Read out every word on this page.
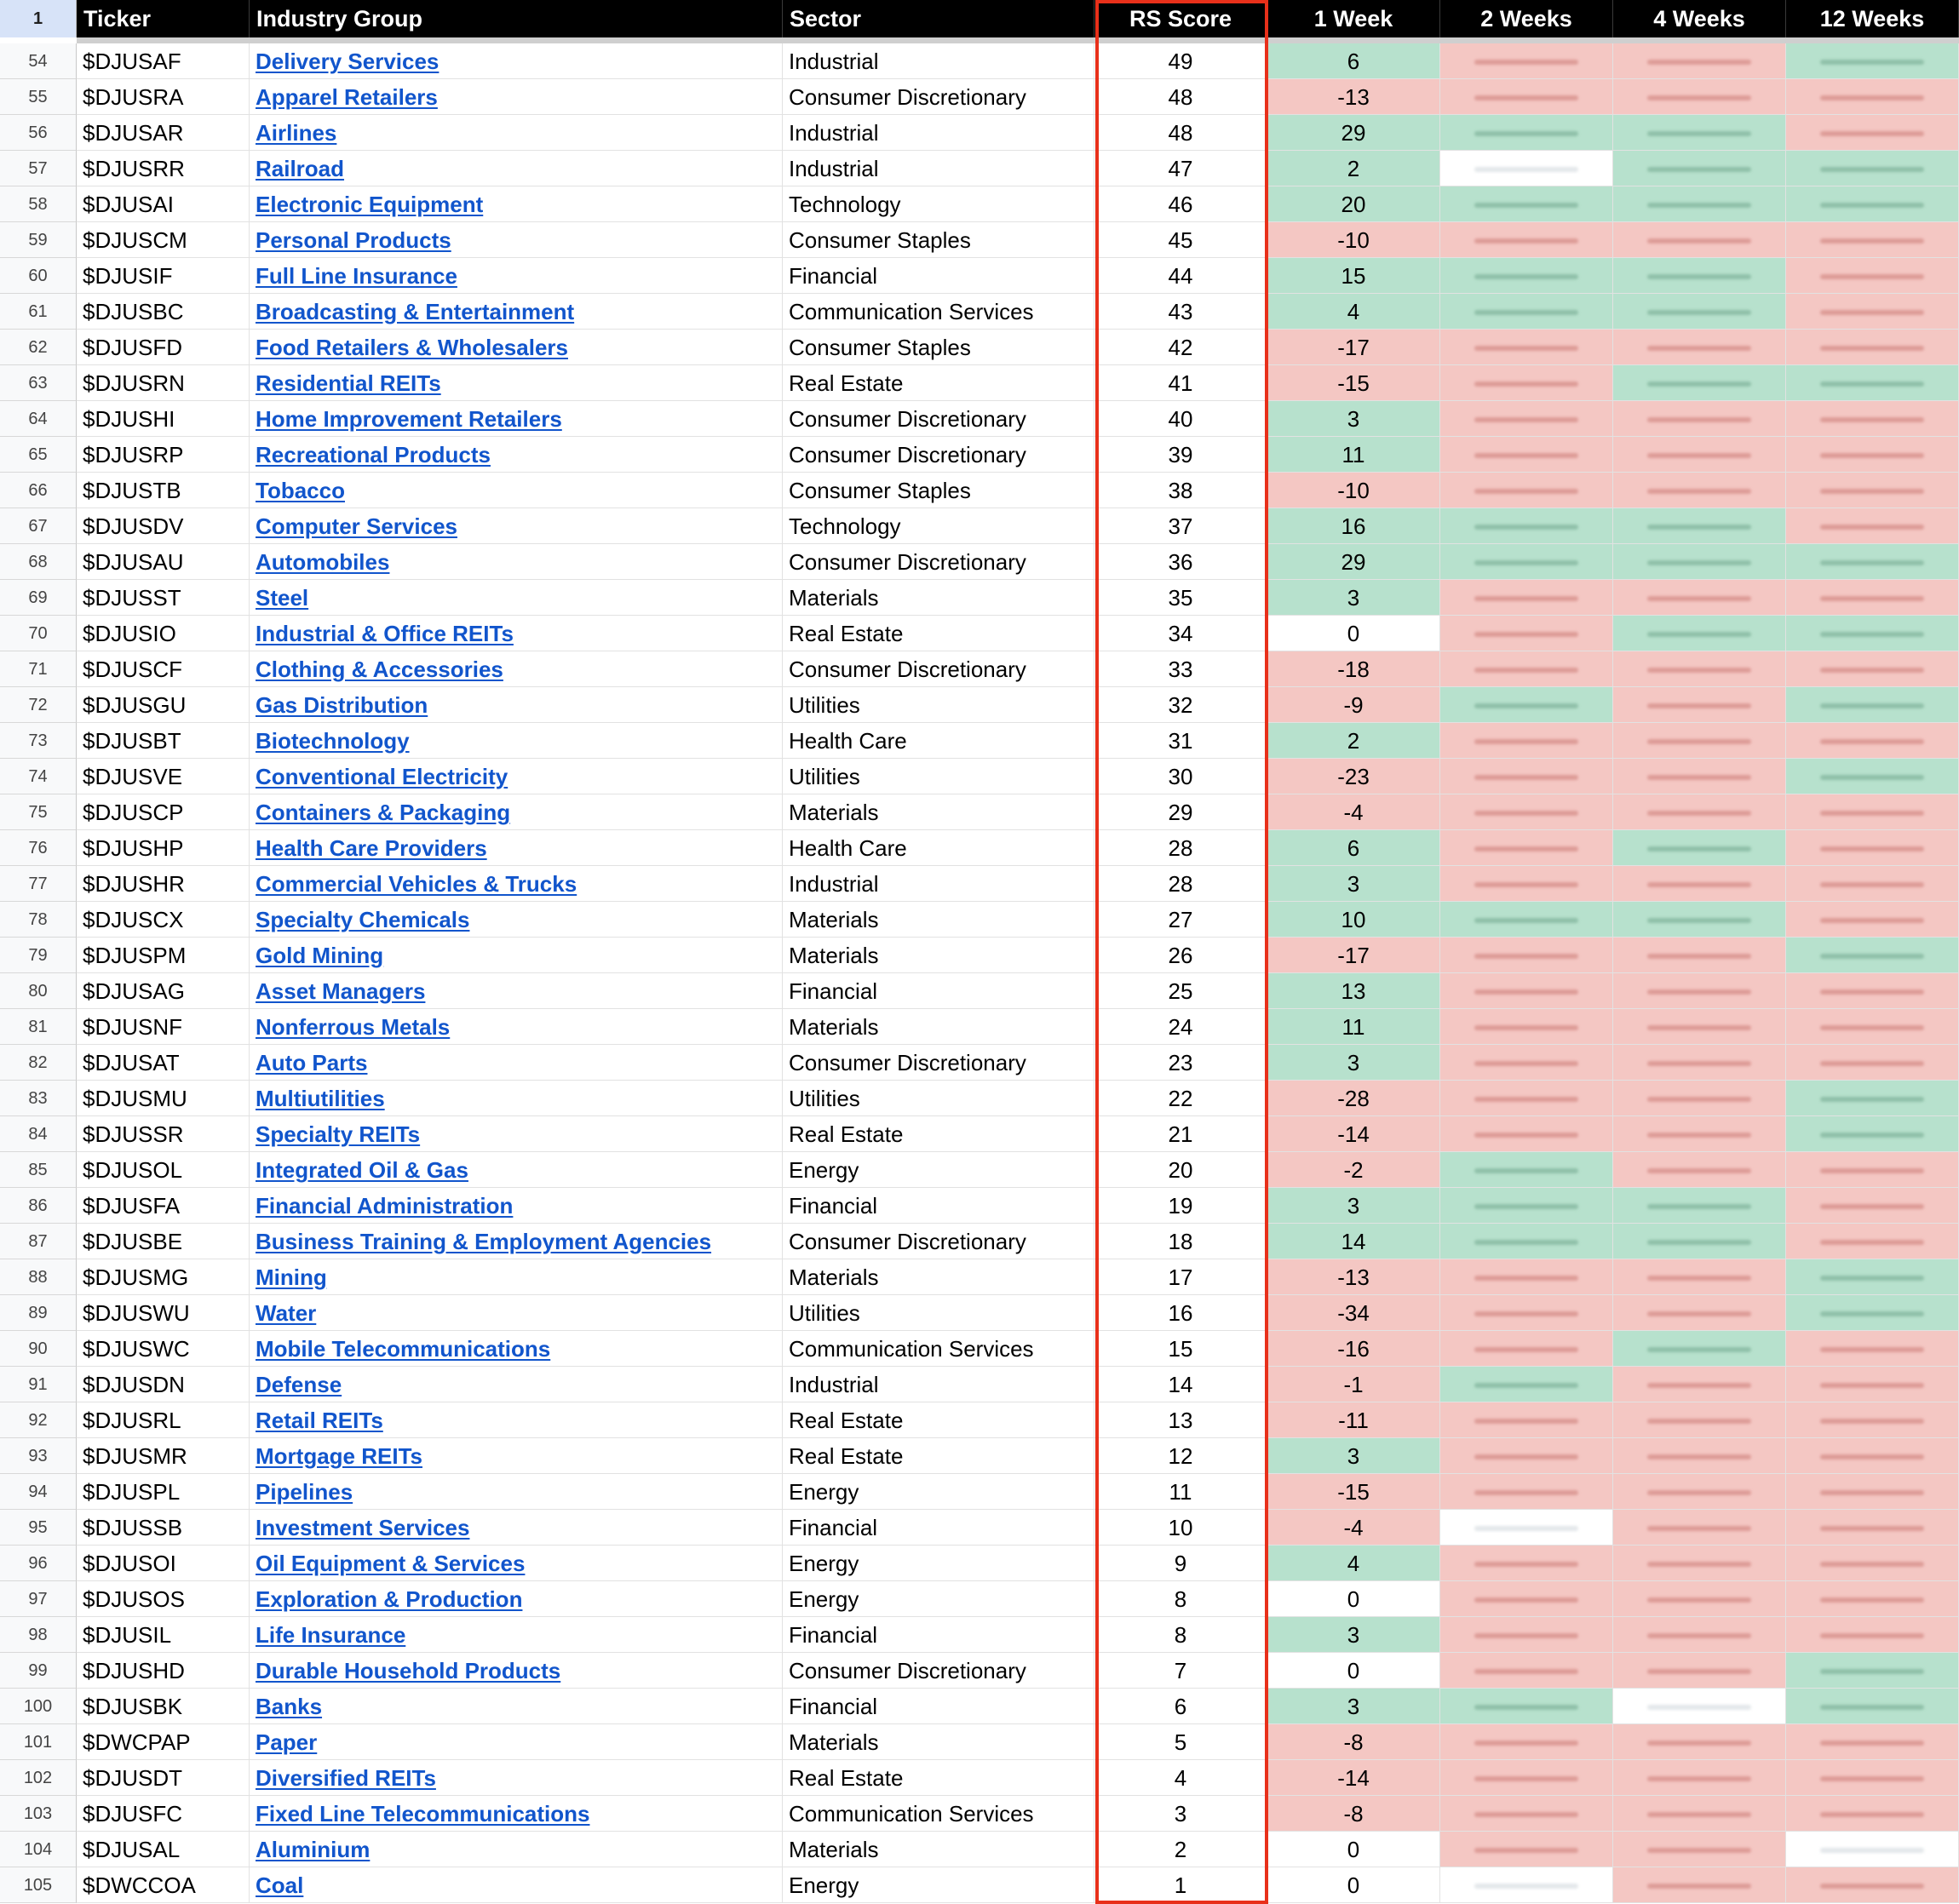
1	Ticker	Industry Group	Sector	RS Score	1 Week	2 Weeks	4 Weeks	12 Weeks
54	$DJUSAF	Delivery Services	Industrial	49	6
55	$DJUSRA	Apparel Retailers	Consumer Discretionary	48	-13
56	$DJUSAR	Airlines	Industrial	48	29
57	$DJUSRR	Railroad	Industrial	47	2
58	$DJUSAI	Electronic Equipment	Technology	46	20
59	$DJUSCM	Personal Products	Consumer Staples	45	-10
60	$DJUSIF	Full Line Insurance	Financial	44	15
61	$DJUSBC	Broadcasting & Entertainment	Communication Services	43	4
62	$DJUSFD	Food Retailers & Wholesalers	Consumer Staples	42	-17
63	$DJUSRN	Residential REITs	Real Estate	41	-15
64	$DJUSHI	Home Improvement Retailers	Consumer Discretionary	40	3
65	$DJUSRP	Recreational Products	Consumer Discretionary	39	11
66	$DJUSTB	Tobacco	Consumer Staples	38	-10
67	$DJUSDV	Computer Services	Technology	37	16
68	$DJUSAU	Automobiles	Consumer Discretionary	36	29
69	$DJUSST	Steel	Materials	35	3
70	$DJUSIO	Industrial & Office REITs	Real Estate	34	0
71	$DJUSCF	Clothing & Accessories	Consumer Discretionary	33	-18
72	$DJUSGU	Gas Distribution	Utilities	32	-9
73	$DJUSBT	Biotechnology	Health Care	31	2
74	$DJUSVE	Conventional Electricity	Utilities	30	-23
75	$DJUSCP	Containers & Packaging	Materials	29	-4
76	$DJUSHP	Health Care Providers	Health Care	28	6
77	$DJUSHR	Commercial Vehicles & Trucks	Industrial	28	3
78	$DJUSCX	Specialty Chemicals	Materials	27	10
79	$DJUSPM	Gold Mining	Materials	26	-17
80	$DJUSAG	Asset Managers	Financial	25	13
81	$DJUSNF	Nonferrous Metals	Materials	24	11
82	$DJUSAT	Auto Parts	Consumer Discretionary	23	3
83	$DJUSMU	Multiutilities	Utilities	22	-28
84	$DJUSSR	Specialty REITs	Real Estate	21	-14
85	$DJUSOL	Integrated Oil & Gas	Energy	20	-2
86	$DJUSFA	Financial Administration	Financial	19	3
87	$DJUSBE	Business Training & Employment Agencies	Consumer Discretionary	18	14
88	$DJUSMG	Mining	Materials	17	-13
89	$DJUSWU	Water	Utilities	16	-34
90	$DJUSWC	Mobile Telecommunications	Communication Services	15	-16
91	$DJUSDN	Defense	Industrial	14	-1
92	$DJUSRL	Retail REITs	Real Estate	13	-11
93	$DJUSMR	Mortgage REITs	Real Estate	12	3
94	$DJUSPL	Pipelines	Energy	11	-15
95	$DJUSSB	Investment Services	Financial	10	-4
96	$DJUSOI	Oil Equipment & Services	Energy	9	4
97	$DJUSOS	Exploration & Production	Energy	8	0
98	$DJUSIL	Life Insurance	Financial	8	3
99	$DJUSHD	Durable Household Products	Consumer Discretionary	7	0
100	$DJUSBK	Banks	Financial	6	3
101	$DWCPAP	Paper	Materials	5	-8
102	$DJUSDT	Diversified REITs	Real Estate	4	-14
103	$DJUSFC	Fixed Line Telecommunications	Communication Services	3	-8
104	$DJUSAL	Aluminium	Materials	2	0
105	$DWCCOA	Coal	Energy	1	0
